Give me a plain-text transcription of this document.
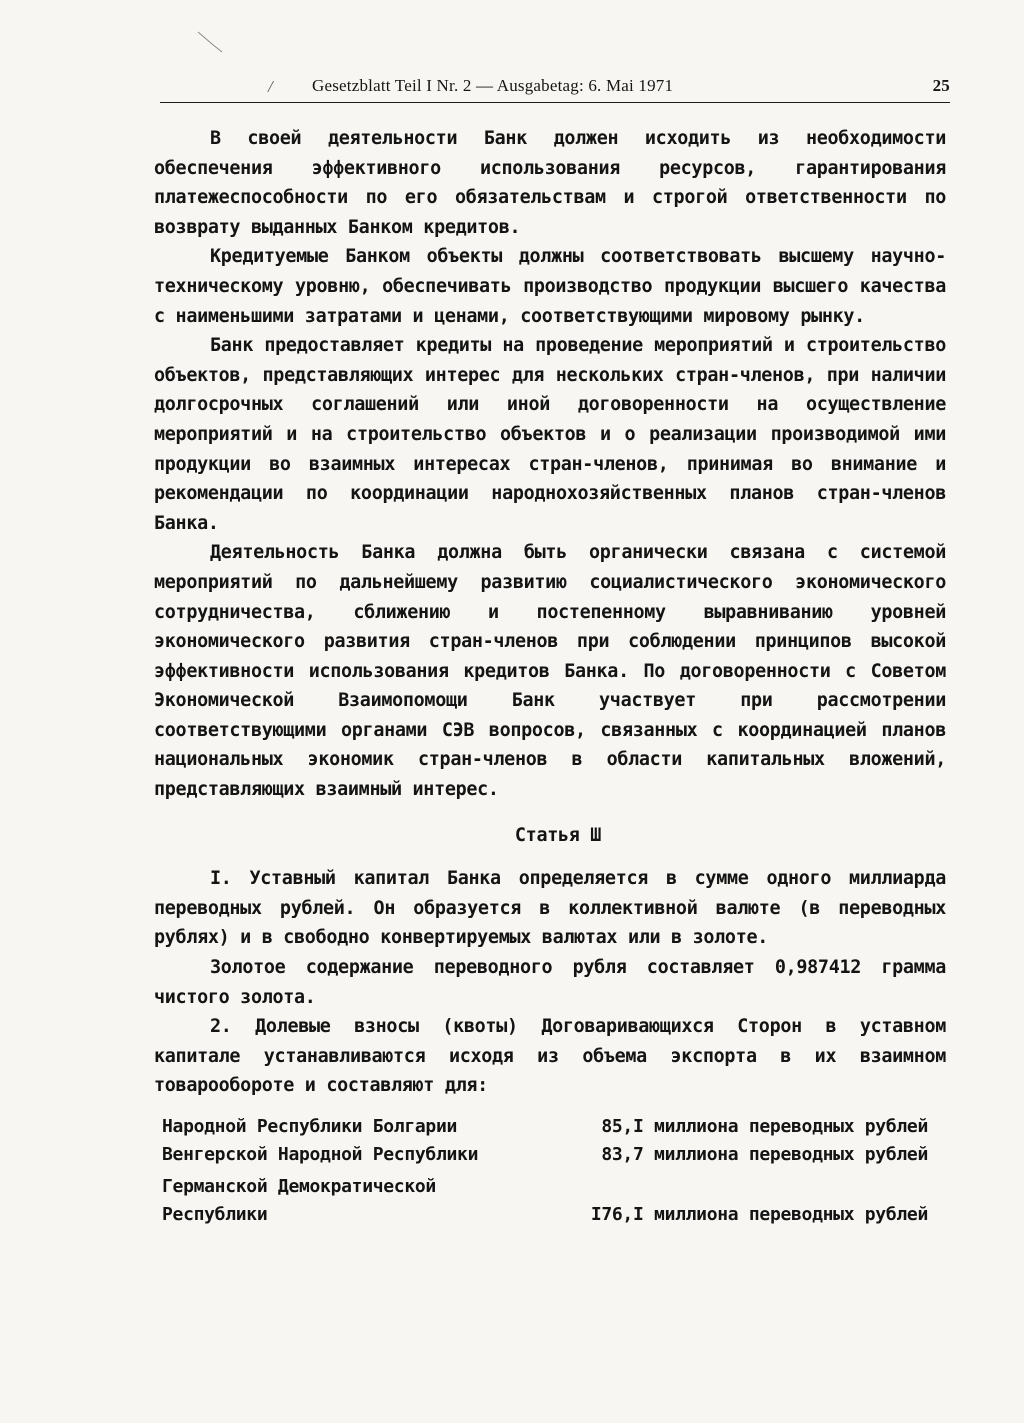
/ Gesetzblatt Teil I Nr. 2 — Ausgabetag: 6. Mai 1971	25

В своей деятельности Банк должен исходить из необходимости обеспечения эффективного использования ресурсов, гарантирования платежеспособности по его обязательствам и строгой ответственности по возврату выданных Банком кредитов.

Кредитуемые Банком объекты должны соответствовать высшему научно-техническому уровню, обеспечивать производство продукции высшего качества с наименьшими затратами и ценами, соответствующими мировому рынку.

Банк предоставляет кредиты на проведение мероприятий и строительство объектов, представляющих интерес для нескольких стран-членов, при наличии долгосрочных соглашений или иной договоренности на осуществление мероприятий и на строительство объектов и о реализации производимой ими продукции во взаимных интересах стран-членов, принимая во внимание и рекомендации по координации народнохозяйственных планов стран-членов Банка.

Деятельность Банка должна быть органически связана с системой мероприятий по дальнейшему развитию социалистического экономического сотрудничества, сближению и постепенному выравниванию уровней экономического развития стран-членов при соблюдении принципов высокой эффективности использования кредитов Банка. По договоренности с Советом Экономической Взаимопомощи Банк участвует при рассмотрении соответствующими органами СЭВ вопросов, связанных с координацией планов национальных экономик стран-членов в области капитальных вложений, представляющих взаимный интерес.

Статья Ш

I. Уставный капитал Банка определяется в сумме одного миллиарда переводных рублей. Он образуется в коллективной валюте (в переводных рублях) и в свободно конвертируемых валютах или в золоте.

Золотое содержание переводного рубля составляет 0,987412 грамма чистого золота.

2. Долевые взносы (квоты) Договаривающихся Сторон в уставном капитале устанавливаются исходя из объема экспорта в их взаимном товарообороте и составляют для:

Народной Республики Болгарии	85,I миллиона переводных рублей
Венгерской Народной Республики	83,7 миллиона переводных рублей

Германской Демократической
Республики	I76,I миллиона переводных рублей
